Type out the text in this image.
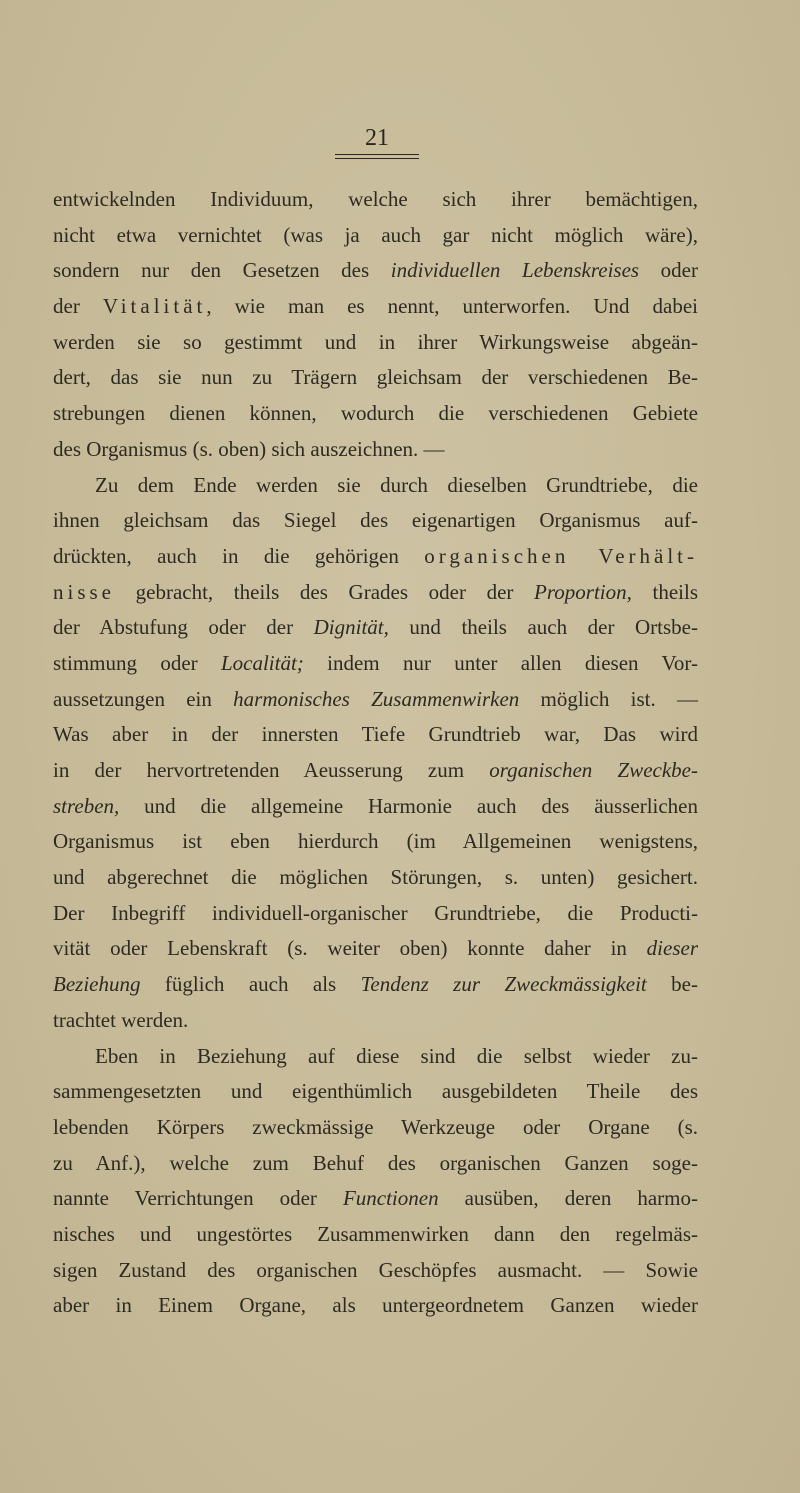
21
entwickelnden Individuum, welche sich ihrer bemächtigen,
nicht etwa vernichtet (was ja auch gar nicht möglich wäre),
sondern nur den Gesetzen des individuellen Lebenskreises oder
der Vitalität, wie man es nennt, unterworfen. Und dabei
werden sie so gestimmt und in ihrer Wirkungsweise abgeän-
dert, das sie nun zu Trägern gleichsam der verschiedenen Be-
strebungen dienen können, wodurch die verschiedenen Gebiete
des Organismus (s. oben) sich auszeichnen. —
Zu dem Ende werden sie durch dieselben Grundtriebe, die
ihnen gleichsam das Siegel des eigenartigen Organismus auf-
drückten, auch in die gehörigen organischen Verhält-
nisse gebracht, theils des Grades oder der Proportion, theils
der Abstufung oder der Dignität, und theils auch der Ortsbe-
stimmung oder Localität; indem nur unter allen diesen Vor-
aussetzungen ein harmonisches Zusammenwirken möglich ist. —
Was aber in der innersten Tiefe Grundtrieb war, Das wird
in der hervortretenden Aeusserung zum organischen Zweckbe-
streben, und die allgemeine Harmonie auch des äusserlichen
Organismus ist eben hierdurch (im Allgemeinen wenigstens,
und abgerechnet die möglichen Störungen, s. unten) gesichert.
Der Inbegriff individuell-organischer Grundtriebe, die Producti-
vität oder Lebenskraft (s. weiter oben) konnte daher in dieser
Beziehung füglich auch als Tendenz zur Zweckmässigkeit be-
trachtet werden.
Eben in Beziehung auf diese sind die selbst wieder zu-
sammengesetzten und eigenthümlich ausgebildeten Theile des
lebenden Körpers zweckmässige Werkzeuge oder Organe (s.
zu Anf.), welche zum Behuf des organischen Ganzen soge-
nannte Verrichtungen oder Functionen ausüben, deren harmo-
nisches und ungestörtes Zusammenwirken dann den regelmäs-
sigen Zustand des organischen Geschöpfes ausmacht. — Sowie
aber in Einem Organe, als untergeordnetem Ganzen wieder
